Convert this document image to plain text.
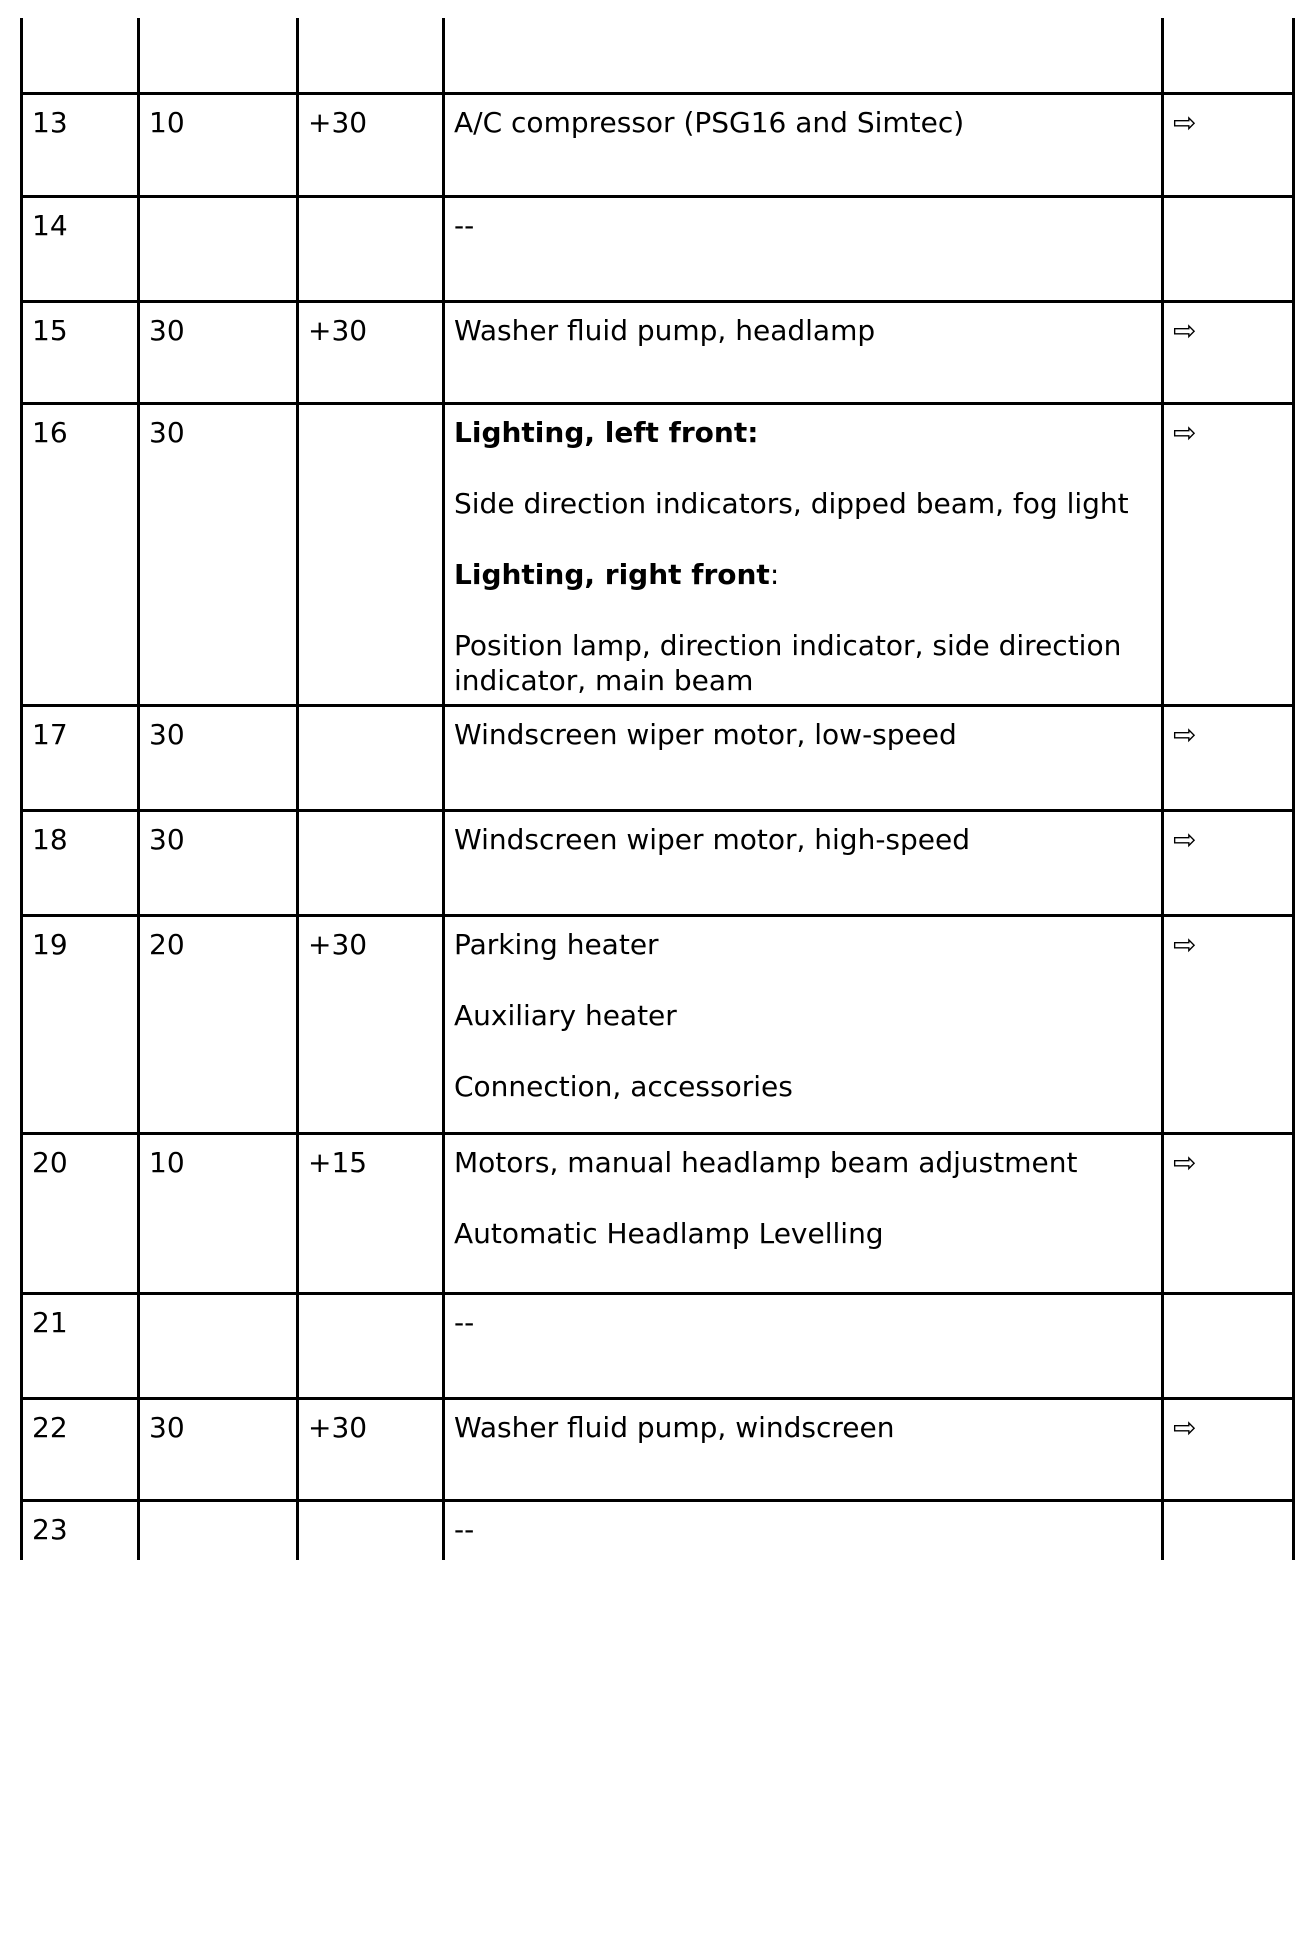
13	10	+30	A/C compressor (PSG16 and Simtec)	⇨
14			--	

15	30	+30	Washer fluid pump, headlamp	⇨
16	30		Lighting, left front:

Side direction indicators, dipped beam, fog light

Lighting, right front:

Position lamp, direction indicator, side direction indicator, main beam	⇨
17	30		Windscreen wiper motor, low-speed	⇨
18	30		Windscreen wiper motor, high-speed	⇨
19	20	+30	Parking heater

Auxiliary heater

Connection, accessories	⇨
20	10	+15	Motors, manual headlamp beam adjustment

Automatic Headlamp Levelling	⇨
21			--	

22	30	+30	Washer fluid pump, windscreen	⇨
23			--	
